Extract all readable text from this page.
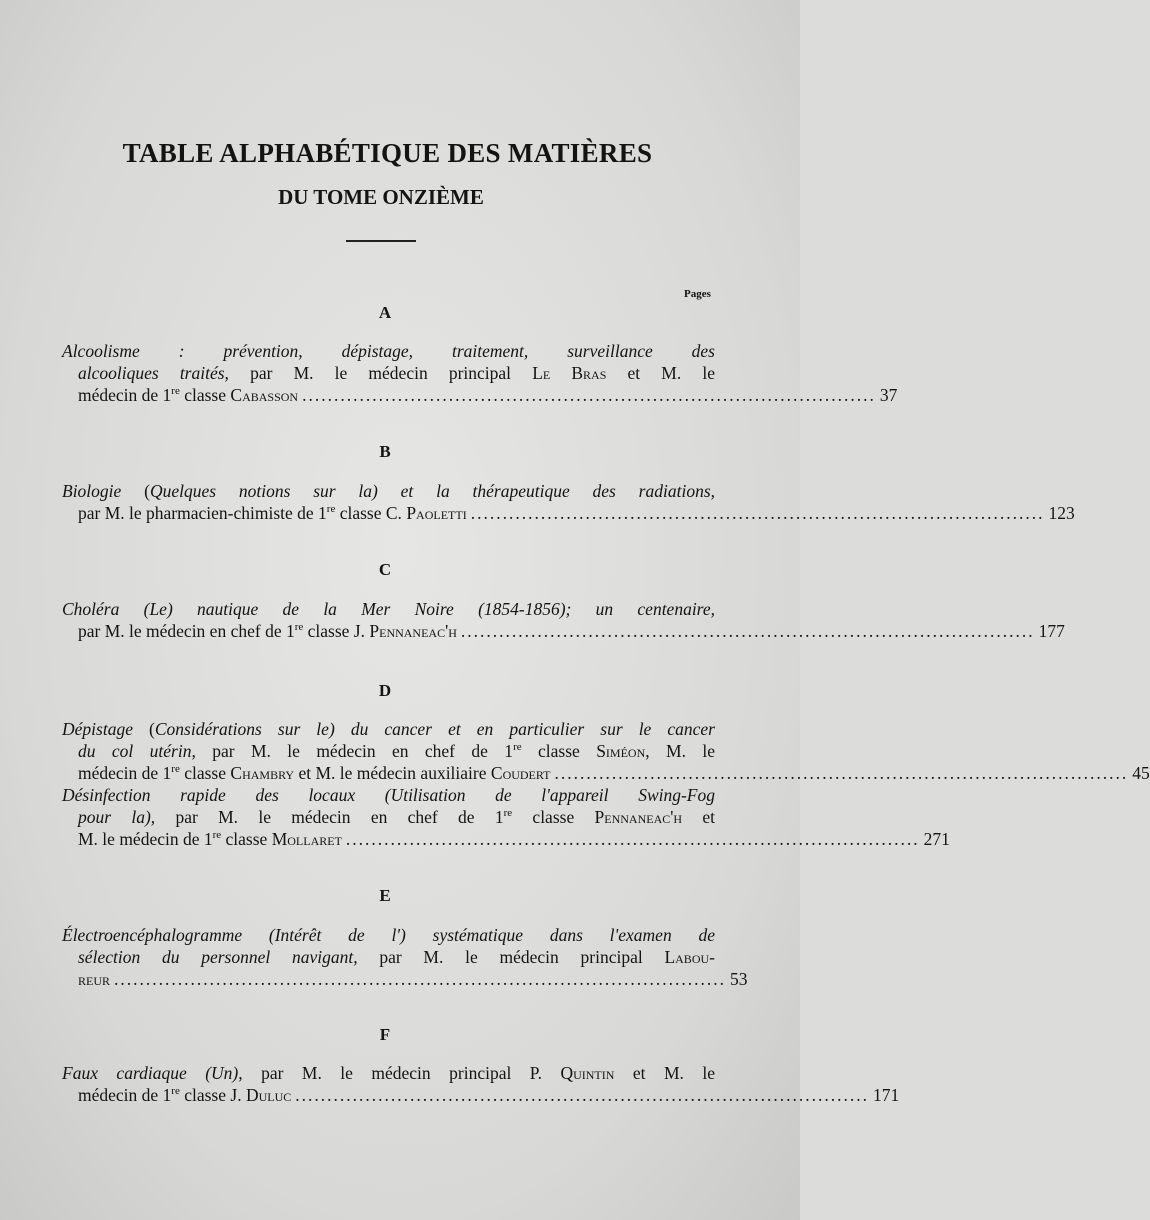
TABLE ALPHABÉTIQUE DES MATIÈRES
DU TOME ONZIÈME
Pages
A
Alcoolisme : prévention, dépistage, traitement, surveillance des
alcooliques traités, par M. le médecin principal Le Bras et M. le
médecin de 1re classe Cabasson .......................................................................................... 37
B
Biologie (Quelques notions sur la) et la thérapeutique des radiations,
par M. le pharmacien-chimiste de 1re classe C. Paoletti .......................................................................................... 123
C
Choléra (Le) nautique de la Mer Noire (1854-1856); un centenaire,
par M. le médecin en chef de 1re classe J. Pennaneac'h .......................................................................................... 177
D
Dépistage (Considérations sur le) du cancer et en particulier sur le cancer
du col utérin, par M. le médecin en chef de 1re classe Siméon, M. le
médecin de 1re classe Chambry et M. le médecin auxiliaire Coudert .......................................................................................... 45
Désinfection rapide des locaux (Utilisation de l'appareil Swing-Fog
pour la), par M. le médecin en chef de 1re classe Pennaneac'h et
M. le médecin de 1re classe Mollaret .......................................................................................... 271
E
Électroencéphalogramme (Intérêt de l') systématique dans l'examen de
sélection du personnel navigant, par M. le médecin principal Labou-
reur ................................................................................................ 53
F
Faux cardiaque (Un), par M. le médecin principal P. Quintin et M. le
médecin de 1re classe J. Duluc .......................................................................................... 171
